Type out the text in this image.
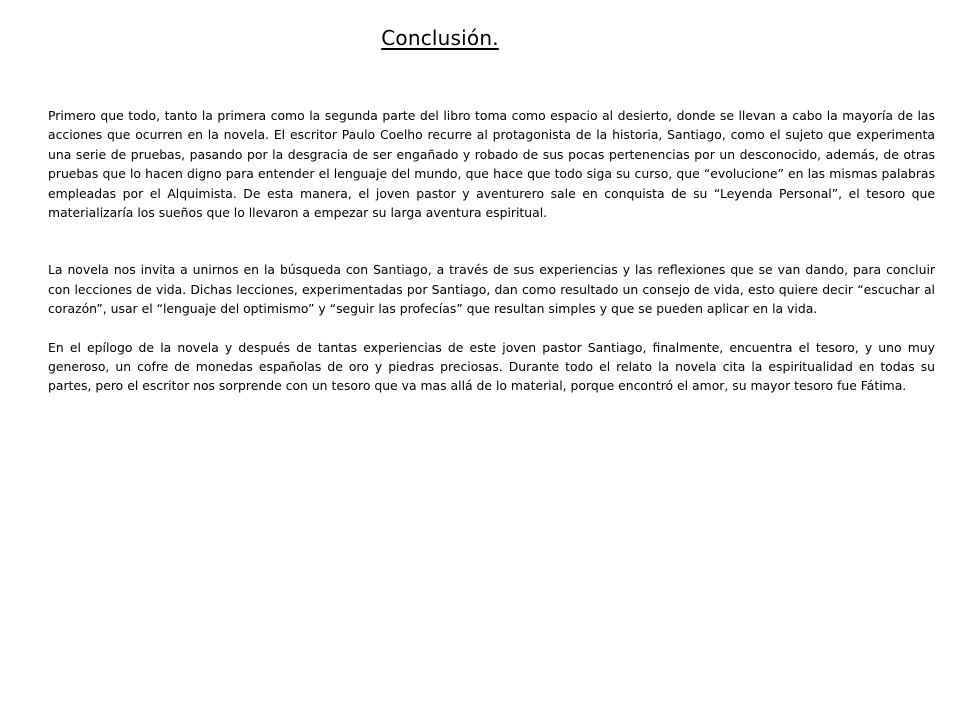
Conclusión.

Primero que todo, tanto la primera como la segunda parte del libro toma como espacio al desierto, donde se llevan a cabo la mayoría de las acciones que ocurren en la novela. El escritor Paulo Coelho recurre al protagonista de la historia, Santiago, como el sujeto que experimenta una serie de pruebas, pasando por la desgracia de ser engañado y robado de sus pocas pertenencias por un desconocido, además, de otras pruebas que lo hacen digno para entender el lenguaje del mundo, que hace que todo siga su curso, que “evolucione” en las mismas palabras empleadas por el Alquimista. De esta manera, el joven pastor y aventurero sale en conquista de su “Leyenda Personal”, el tesoro que materializaría los sueños que lo llevaron a empezar su larga aventura espiritual.

La novela nos invita a unirnos en la búsqueda con Santiago, a través de sus experiencias y las reflexiones que se van dando, para concluir con lecciones de vida. Dichas lecciones, experimentadas por Santiago, dan como resultado un consejo de vida, esto quiere decir “escuchar al corazón”, usar el “lenguaje del optimismo” y “seguir las profecías” que resultan simples y que se pueden aplicar en la vida.

En el epílogo de la novela y después de tantas experiencias de este joven pastor Santiago, finalmente, encuentra el tesoro, y uno muy generoso, un cofre de monedas españolas de oro y piedras preciosas. Durante todo el relato la novela cita la espiritualidad en todas su partes, pero el escritor nos sorprende con un tesoro que va mas allá de lo material, porque encontró el amor, su mayor tesoro fue Fátima.
